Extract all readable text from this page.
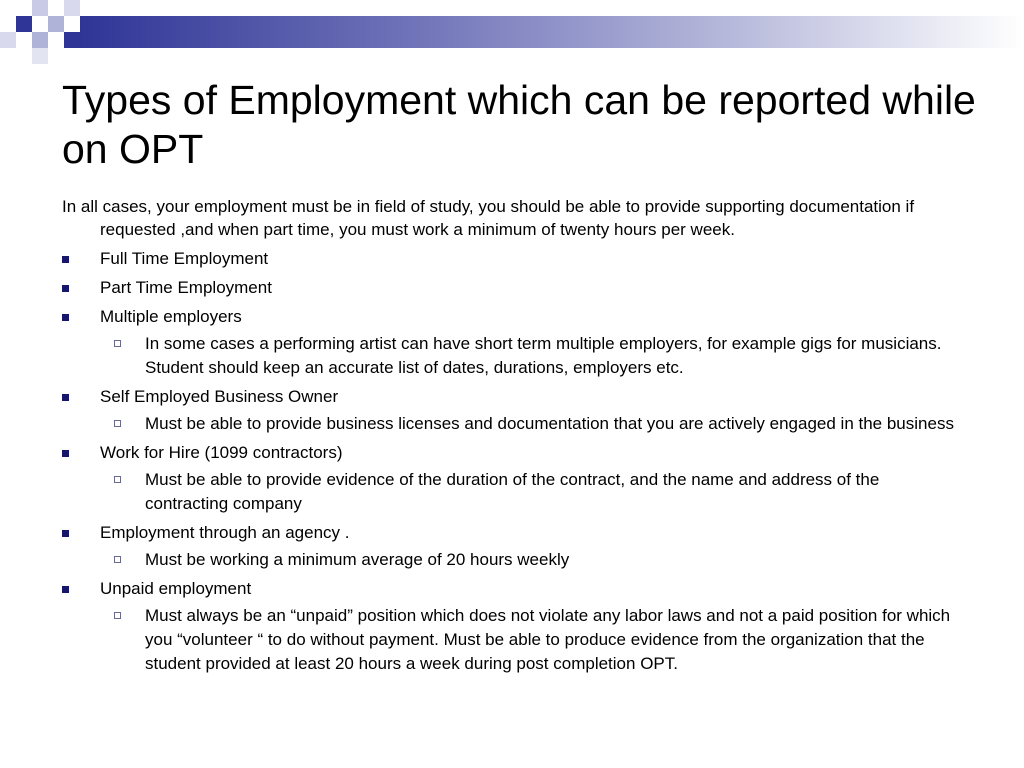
Types of Employment which can be reported while on OPT

In all cases, your employment must be in field of study, you should be able to provide supporting documentation if requested ,and when part time, you must work a minimum of twenty hours per week.

Full Time Employment

Part Time Employment

Multiple employers

In some cases a performing artist can have short term multiple employers, for example gigs for musicians. Student should keep an accurate list of dates, durations, employers etc.

Self Employed Business Owner

Must be able to provide business licenses and documentation that you are actively engaged in the business

Work for Hire (1099 contractors)

Must be able to provide evidence of the duration of the contract, and the name and address of the contracting company

Employment through an agency .

Must be working a minimum average of 20 hours weekly

Unpaid employment

Must always be an “unpaid” position which does not violate any labor laws and not a paid position for which you “volunteer “ to do without payment. Must be able to produce evidence from the organization that the student provided at least 20 hours a week during post completion OPT.
